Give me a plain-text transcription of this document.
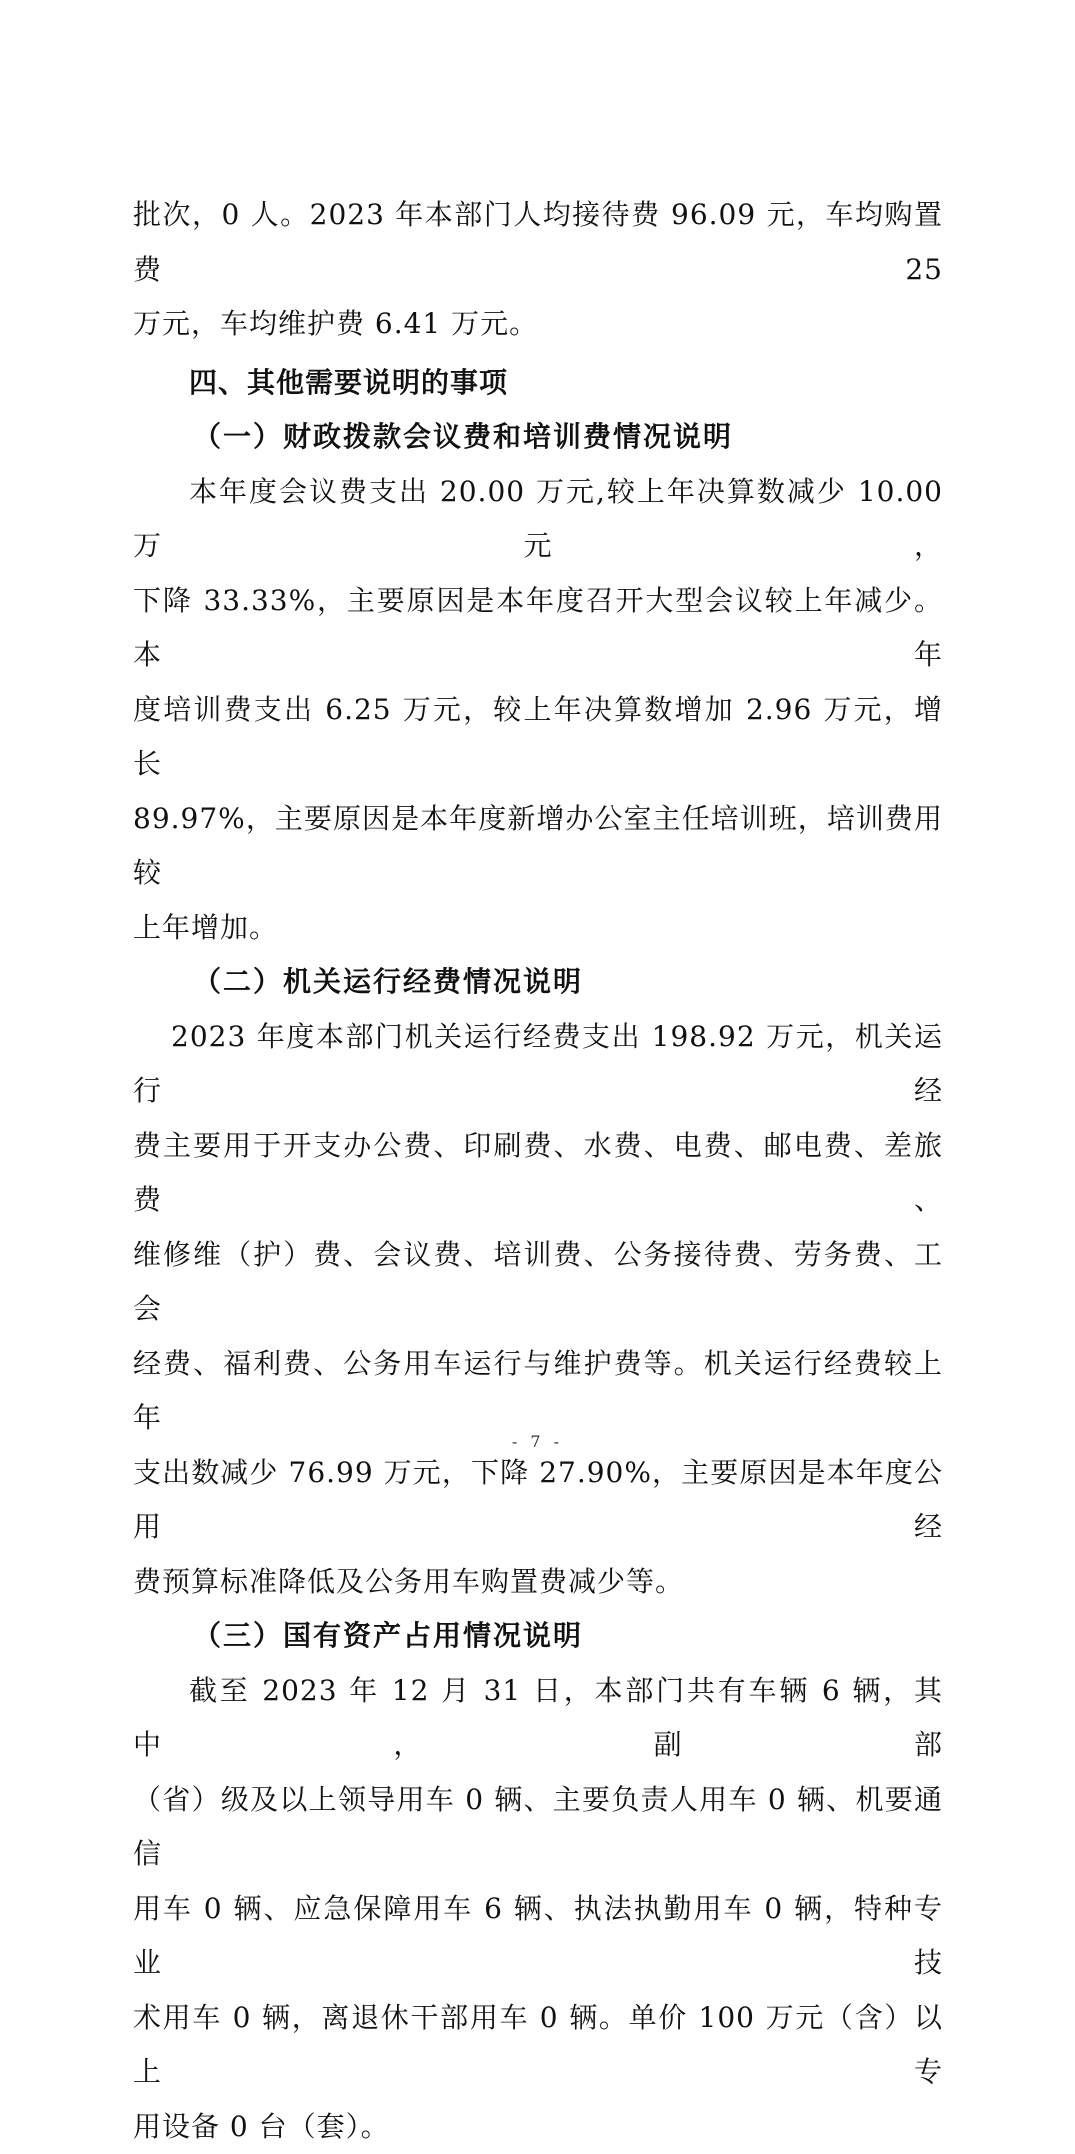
批次，0 人。2023 年本部门人均接待费 96.09 元，车均购置费 25

万元，车均维护费 6.41 万元。

四、其他需要说明的事项
（一）财政拨款会议费和培训费情况说明

本年度会议费支出 20.00 万元,较上年决算数减少 10.00 万元，

下降 33.33%，主要原因是本年度召开大型会议较上年减少。本年

度培训费支出 6.25 万元，较上年决算数增加 2.96 万元，增长

89.97%，主要原因是本年度新增办公室主任培训班，培训费用较

上年增加。

（二）机关运行经费情况说明

2023 年度本部门机关运行经费支出 198.92 万元，机关运行经

费主要用于开支办公费、印刷费、水费、电费、邮电费、差旅费、

维修维（护）费、会议费、培训费、公务接待费、劳务费、工会

经费、福利费、公务用车运行与维护费等。机关运行经费较上年

支出数减少 76.99 万元，下降 27.90%，主要原因是本年度公用经

费预算标准降低及公务用车购置费减少等。

（三）国有资产占用情况说明

截至 2023 年 12 月 31 日，本部门共有车辆 6 辆，其中，副部

（省）级及以上领导用车 0 辆、主要负责人用车 0 辆、机要通信

用车 0 辆、应急保障用车 6 辆、执法执勤用车 0 辆，特种专业技

术用车 0 辆，离退休干部用车 0 辆。单价 100 万元（含）以上专

用设备 0 台（套）。

- 7 -
